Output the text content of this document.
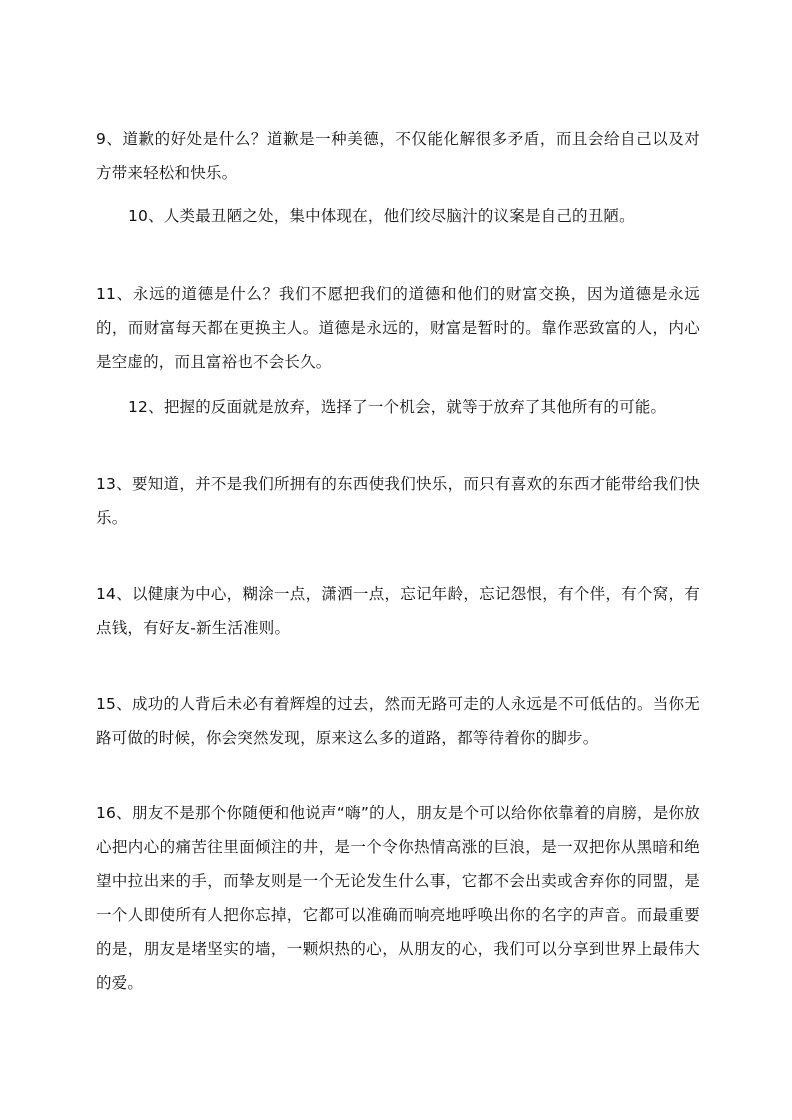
9、道歉的好处是什么？道歉是一种美德，不仅能化解很多矛盾，而且会给自己以及对方带来轻松和快乐。

10、人类最丑陋之处，集中体现在，他们绞尽脑汁的议案是自己的丑陋。

11、永远的道德是什么？我们不愿把我们的道德和他们的财富交换，因为道德是永远的，而财富每天都在更换主人。道德是永远的，财富是暂时的。靠作恶致富的人，内心是空虚的，而且富裕也不会长久。

12、把握的反面就是放弃，选择了一个机会，就等于放弃了其他所有的可能。

13、要知道，并不是我们所拥有的东西使我们快乐，而只有喜欢的东西才能带给我们快乐。

14、以健康为中心，糊涂一点，潇洒一点，忘记年龄，忘记怨恨，有个伴，有个窝，有点钱，有好友-新生活准则。

15、成功的人背后未必有着辉煌的过去，然而无路可走的人永远是不可低估的。当你无路可做的时候，你会突然发现，原来这么多的道路，都等待着你的脚步。

16、朋友不是那个你随便和他说声“嗨”的人，朋友是个可以给你依靠着的肩膀，是你放心把内心的痛苦往里面倾注的井，是一个令你热情高涨的巨浪，是一双把你从黑暗和绝望中拉出来的手，而挚友则是一个无论发生什么事，它都不会出卖或舍弃你的同盟，是一个人即使所有人把你忘掉，它都可以准确而响亮地呼唤出你的名字的声音。而最重要的是，朋友是堵坚实的墙，一颗炽热的心，从朋友的心，我们可以分享到世界上最伟大的爱。
